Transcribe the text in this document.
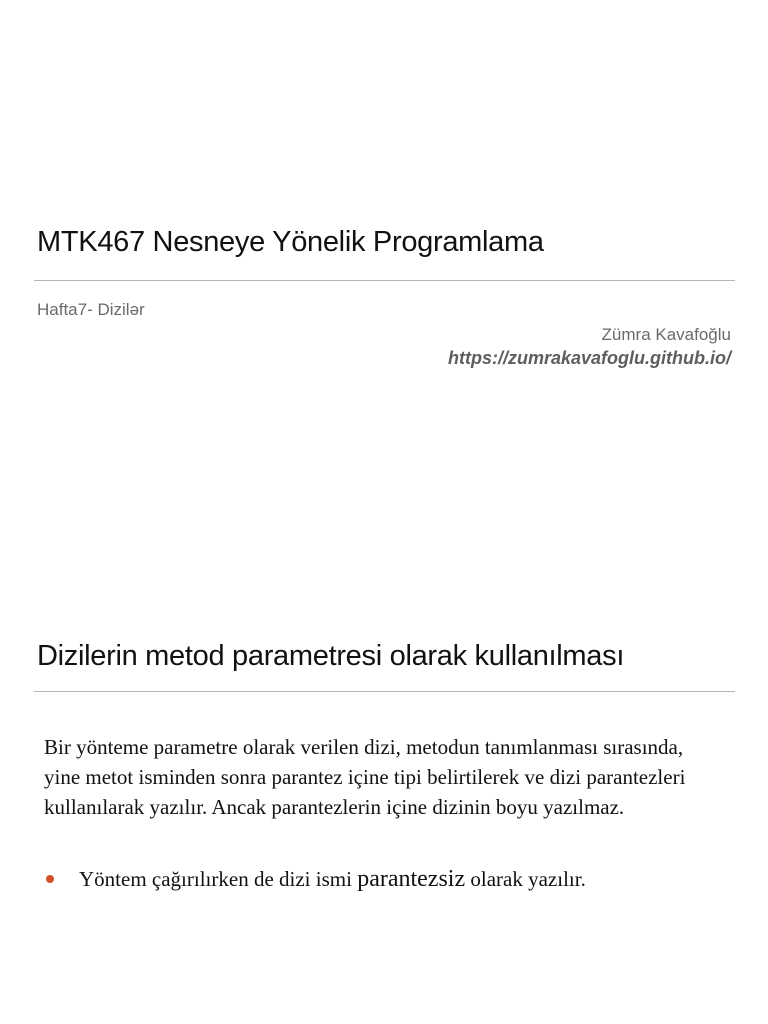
MTK467 Nesneye Yönelik Programlama
Hafta7- Dizilər
Zümra Kavafoğlu
https://zumrakavafoglu.github.io/
Dizilerin metod parametresi olarak kullanılması
Bir yönteme parametre olarak verilen dizi, metodun tanımlanması sırasında, yine metot isminden sonra parantez içine tipi belirtilerek ve dizi parantezleri kullanılarak yazılır. Ancak parantezlerin içine dizinin boyu yazılmaz.
Yöntem çağırılırken de dizi ismi parantezsiz olarak yazılır.
